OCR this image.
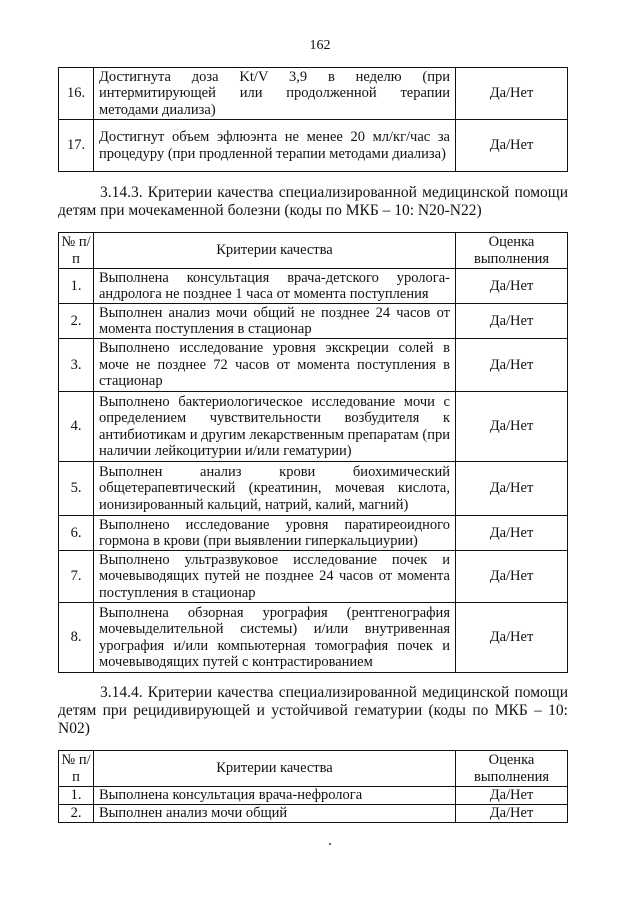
162
16.	Достигнута доза Kt/V 3,9 в неделю (при интермитирующей или продолженной терапии методами диализа)	Да/Нет
17.	Достигнут объем эфлюэнта не менее 20 мл/кг/час за процедуру (при продленной терапии методами диализа)	Да/Нет
3.14.3. Критерии качества специализированной медицинской помощи детям при мочекаменной болезни (коды по МКБ – 10: N20-N22)
№ п/п	Критерии качества	Оценка выполнения
1.	Выполнена консультация врача-детского уролога-андролога не позднее 1 часа от момента поступления	Да/Нет
2.	Выполнен анализ мочи общий не позднее 24 часов от момента поступления в стационар	Да/Нет
3.	Выполнено исследование уровня экскреции солей в моче не позднее 72 часов от момента поступления в стационар	Да/Нет
4.	Выполнено бактериологическое исследование мочи с определением чувствительности возбудителя к антибиотикам и другим лекарственным препаратам (при наличии лейкоцитурии и/или гематурии)	Да/Нет
5.	Выполнен анализ крови биохимический общетерапевтический (креатинин, мочевая кислота, ионизированный кальций, натрий, калий, магний)	Да/Нет
6.	Выполнено исследование уровня паратиреоидного гормона в крови (при выявлении гиперкальциурии)	Да/Нет
7.	Выполнено ультразвуковое исследование почек и мочевыводящих путей не позднее 24 часов от момента поступления в стационар	Да/Нет
8.	Выполнена обзорная урография (рентгенография мочевыделительной системы) и/или внутривенная урография и/или компьютерная томография почек и мочевыводящих путей с контрастированием	Да/Нет
3.14.4. Критерии качества специализированной медицинской помощи детям при рецидивирующей и устойчивой гематурии (коды по МКБ – 10: N02)
№ п/п	Критерии качества	Оценка выполнения
1.	Выполнена консультация врача-нефролога	Да/Нет
2.	Выполнен анализ мочи общий	Да/Нет
